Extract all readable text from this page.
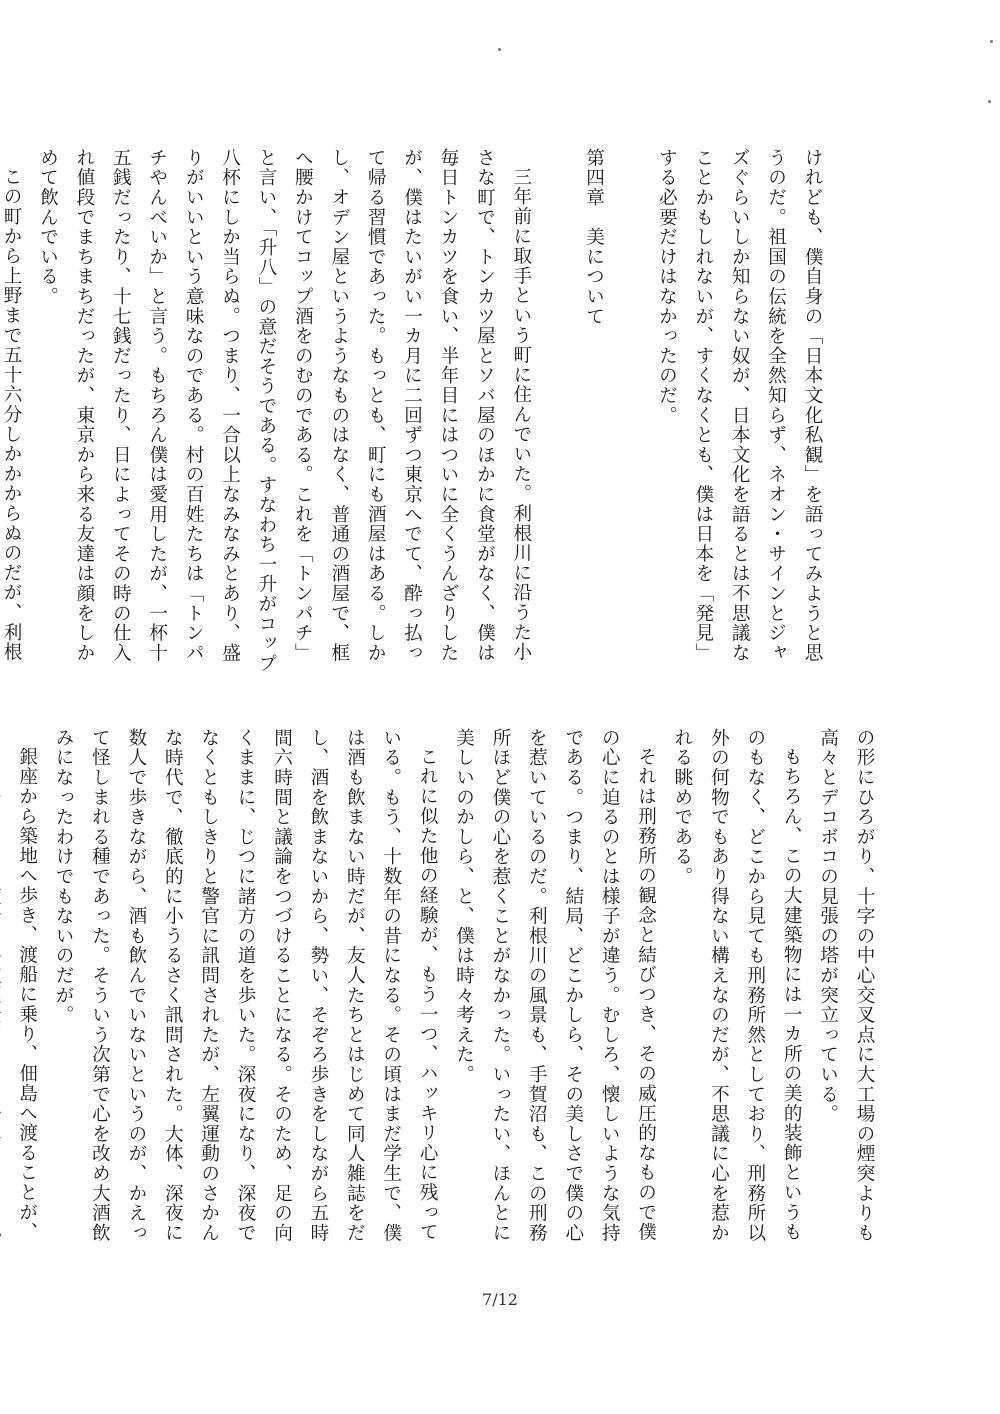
けれども、僕自身の「日本文化私観」を語ってみようと思うのだ。祖国の伝統を全然知らず、ネオン・サインとジャズぐらいしか知らない奴が、日本文化を語るとは不思議なことかもしれないが、すくなくとも、僕は日本を「発見」する必要だけはなかったのだ。
第四章　美について
三年前に取手という町に住んでいた。利根川に沿うた小さな町で、トンカツ屋とソバ屋のほかに食堂がなく、僕は毎日トンカツを食い、半年目にはついに全くうんざりしたが、僕はたいがい一カ月に二回ずつ東京へでて、酔っ払って帰る習慣であった。もっとも、町にも酒屋はある。しかし、オデン屋というようなものはなく、普通の酒屋で、框へ腰かけてコップ酒をのむのである。これを「トンパチ」と言い、「升八」の意だそうである。すなわち一升がコップ八杯にしか当らぬ。つまり、一合以上なみなみとあり、盛りがいいという意味なのである。村の百姓たちは「トンパチやんべいか」と言う。もちろん僕は愛用したが、一杯十五銭だったり、十七銭だったり、日によってその時の仕入れ値段でまちまちだったが、東京から来る友達は顔をしかめて飲んでいる。
この町から上野まで五十六分しかかからぬのだが、利根
の形にひろがり、十字の中心交叉点に大工場の煙突よりも高々とデコボコの見張の塔が突立っている。
もちろん、この大建築物には一カ所の美的装飾というものもなく、どこから見ても刑務所然としており、刑務所以外の何物でもあり得ない構えなのだが、不思議に心を惹かれる眺めである。
それは刑務所の観念と結びつき、その威圧的なもので僕の心に迫るのとは様子が違う。むしろ、懐しいような気持である。つまり、結局、どこかしら、その美しさで僕の心を惹いているのだ。利根川の風景も、手賀沼も、この刑務所ほど僕の心を惹くことがなかった。いったい、ほんとに美しいのかしら、と、僕は時々考えた。
これに似た他の経験が、もう一つ、ハッキリ心に残っている。もう、十数年の昔になる。その頃はまだ学生で、僕は酒も飲まない時だが、友人たちとはじめて同人雑誌をだし、酒を飲まないから、勢い、そぞろ歩きをしながら五時間六時間と議論をつづけることになる。そのため、足の向くままに、じつに諸方の道を歩いた。深夜になり、深夜でなくともしきりと警官に訊問されたが、左翼運動のさかんな時代で、徹底的に小うるさく訊問された。大体、深夜に数人で歩きながら、酒も飲んでいないというのが、かえって怪しまれる種であった。そういう次第で心を改め大酒飲みになったわけでもないのだが。
銀座から築地へ歩き、渡船に乗り、佃島へ渡ることが、
7/12
